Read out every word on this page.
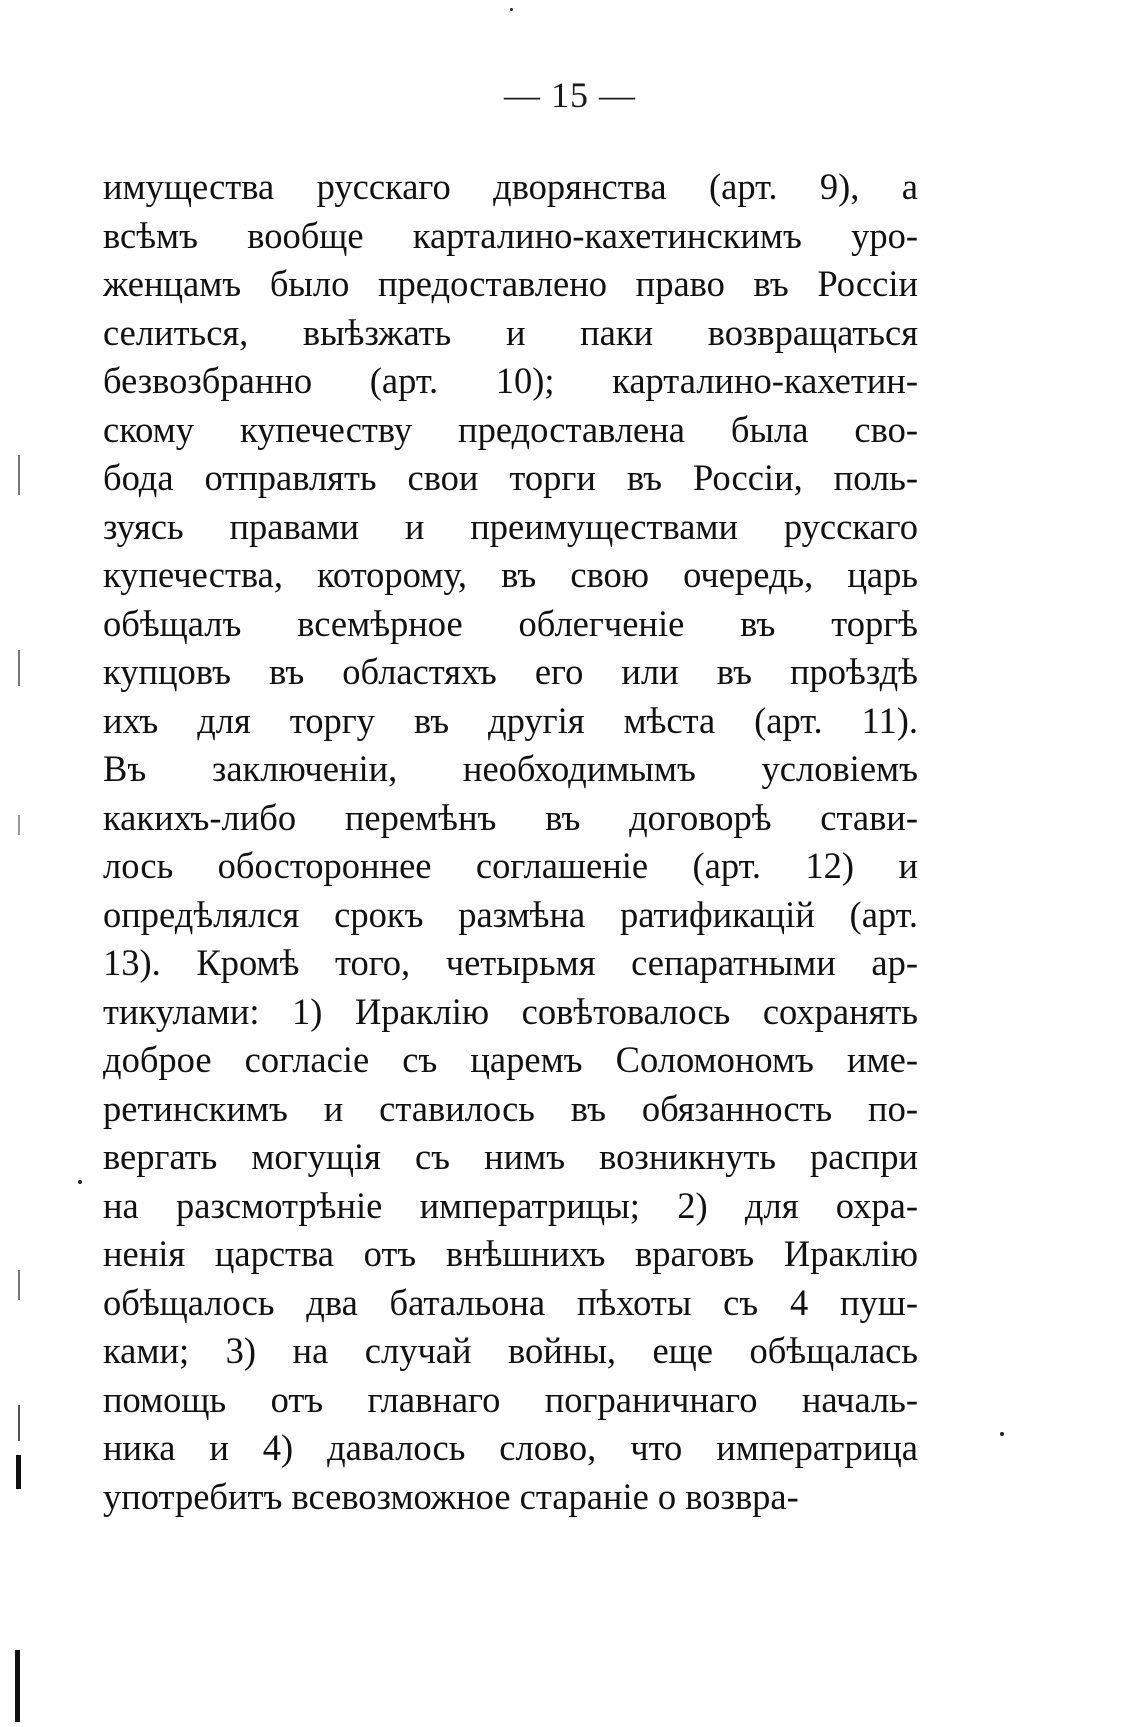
— 15 —
имущества русскаго дворянства (арт. 9), а
всѣмъ вообще карталино-кахетинскимъ уро-
женцамъ было предоставлено право въ Россіи
селиться, выѣзжать и паки возвращаться
безвозбранно (арт. 10); карталино-кахетин-
скому купечеству предоставлена была сво-
бода отправлять свои торги въ Россіи, поль-
зуясь правами и преимуществами русскаго
купечества, которому, въ свою очередь, царь
обѣщалъ всемѣрное облегченіе въ торгѣ
купцовъ въ областяхъ его или въ проѣздѣ
ихъ для торгу въ другія мѣста (арт. 11).
Въ заключеніи, необходимымъ условіемъ
какихъ-либо перемѣнъ въ договорѣ стави-
лось обостороннее соглашеніе (арт. 12) и
опредѣлялся срокъ размѣна ратификацій (арт.
13). Кромѣ того, четырьмя сепаратными ар-
тикулами: 1) Ираклію совѣтовалось сохранять
доброе согласіе съ царемъ Соломономъ име-
ретинскимъ и ставилось въ обязанность по-
вергать могущія съ нимъ возникнуть распри
на разсмотрѣніе императрицы; 2) для охра-
ненія царства отъ внѣшнихъ враговъ Ираклію
обѣщалось два батальона пѣхоты съ 4 пуш-
ками; 3) на случай войны, еще обѣщалась
помощь отъ главнаго пограничнаго началь-
ника и 4) давалось слово, что императрица
употребитъ всевозможное стараніе о возвра-
